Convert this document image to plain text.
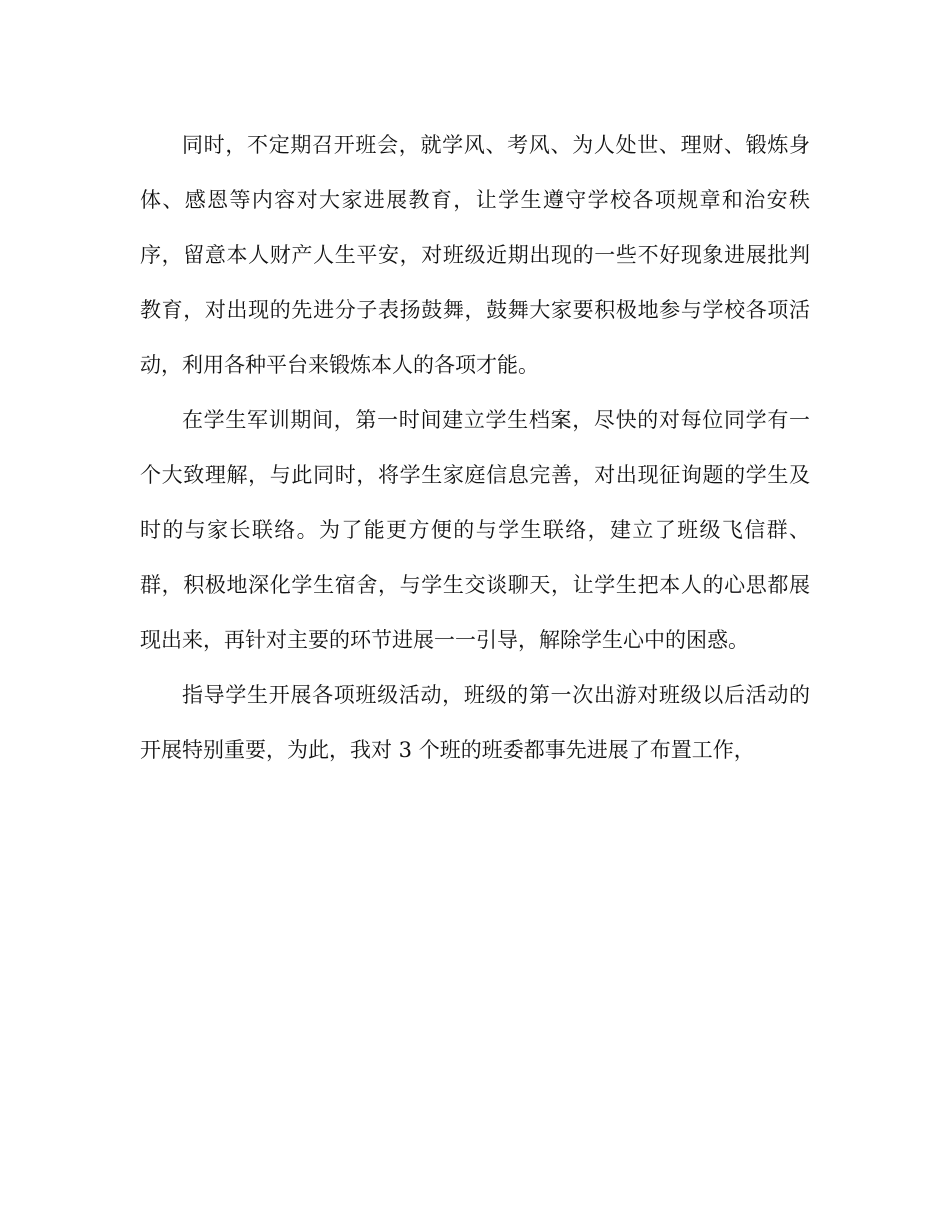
同时，不定期召开班会，就学风、考风、为人处世、理财、锻炼身体、感恩等内容对大家进展教育，让学生遵守学校各项规章和治安秩序，留意本人财产人生平安，对班级近期出现的一些不好现象进展批判教育，对出现的先进分子表扬鼓舞，鼓舞大家要积极地参与学校各项活动，利用各种平台来锻炼本人的各项才能。

在学生军训期间，第一时间建立学生档案，尽快的对每位同学有一个大致理解，与此同时，将学生家庭信息完善，对出现征询题的学生及时的与家长联络。为了能更方便的与学生联络，建立了班级飞信群、群，积极地深化学生宿舍，与学生交谈聊天，让学生把本人的心思都展现出来，再针对主要的环节进展一一引导，解除学生心中的困惑。

指导学生开展各项班级活动，班级的第一次出游对班级以后活动的开展特别重要，为此，我对 3 个班的班委都事先进展了布置工作，
